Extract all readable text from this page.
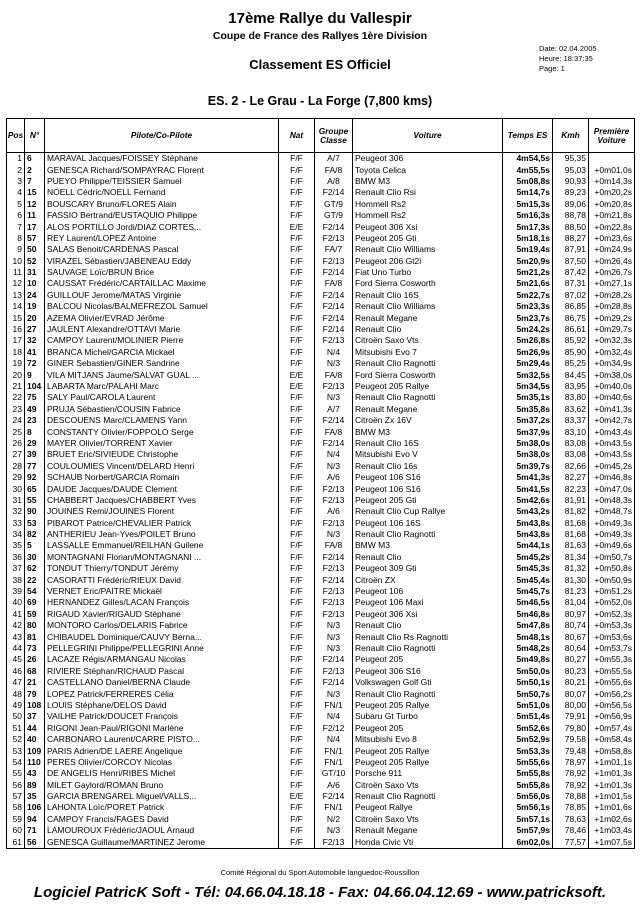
17ème Rallye du Vallespir
Coupe de France des Rallyes 1ère Division
Classement ES Officiel
ES. 2 - Le Grau - La Forge (7,800 kms)
Date: 02.04.2005
Heure: 18:37:35
Page: 1
Pos	N°	Pilote/Co-Pilote	Nat	Groupe Classe	Voiture	Temps ES	Kmh	Première Voiture
1	6	MARAVAL Jacques/FOISSEY Stéphane	F/F	A/7	Peugeot 306	4m54,5s	95,35	
2	2	GENESCA Richard/SOMPAYRAC Florent	F/F	FA/8	Toyota Celica	4m55,5s	95,03	+0m01,0s
3	7	PUEYO Philippe/TEISSIER Samuel	F/F	A/8	BMW M3	5m08,8s	90,93	+0m14,3s
4	15	NOELL Cédric/NOELL Fernand	F/F	F2/14	Renault Clio Rsi	5m14,7s	89,23	+0m20,2s
5	12	BOUSCARY Bruno/FLORES Alain	F/F	GT/9	Hommell Rs2	5m15,3s	89,06	+0m20,8s
6	11	FASSIO Bertrand/EUSTAQUIO Philippe	F/F	GT/9	Hommell Rs2	5m16,3s	88,78	+0m21,8s
7	17	ALOS PORTILLO Jordi/DIAZ CORTES...	E/E	F2/14	Peugeot 306 Xsi	5m17,3s	88,50	+0m22,8s
8	57	REY Laurent/LOPEZ Antoine	F/F	F2/13	Peugeot 205 Gti	5m18,1s	88,27	+0m23,6s
9	50	SALAS Benoit/CARDENAS Pascal	F/F	FA/7	Renault Clio Williams	5m19,4s	87,91	+0m24,9s
10	52	VIRAZEL Sébastien/JABENEAU Eddy	F/F	F2/13	Peugeot 206 Gt2i	5m20,9s	87,50	+0m26,4s
11	31	SAUVAGE Loïc/BRUN Brice	F/F	F2/14	Fiat Uno Turbo	5m21,2s	87,42	+0m26,7s
12	10	CAUSSAT Frédéric/CARTAILLAC Maxime	F/F	FA/8	Ford Sierra Cosworth	5m21,6s	87,31	+0m27,1s
13	24	GUILLOUF Jerome/MATAS Virginie	F/F	F2/14	Renault Clio 16S	5m22,7s	87,02	+0m28,2s
14	19	BALCOU Nicolas/BALMEFREZOL Samuel	F/F	F2/14	Renault Clio Williams	5m23,3s	86,85	+0m28,8s
15	20	AZEMA Olivier/EVRAD Jérôme	F/F	F2/14	Renault Megane	5m23,7s	86,75	+0m29,2s
16	27	JAULENT Alexandre/OTTAVI Marie	F/F	F2/14	Renault Clio	5m24,2s	86,61	+0m29,7s
17	32	CAMPOY Laurent/MOLINIER Pierre	F/F	F2/13	Citroën Saxo Vts	5m26,8s	85,92	+0m32,3s
18	41	BRANCA Michel/GARCIA Mickael	F/F	N/4	Mitsubishi Evo 7	5m26,9s	85,90	+0m32,4s
19	72	GINER Sebastien/GINER Sandrine	F/F	N/3	Renault Clio Ragnotti	5m29,4s	85,25	+0m34,9s
20	9	VILA MITJANS Jaume/SALVAT GUAL ...	E/E	FA/8	Ford Sierra Cosworth	5m32,5s	84,45	+0m38,0s
21	104	LABARTA Marc/PALAHI Marc	E/E	F2/13	Peugeot 205 Rallye	5m34,5s	83,95	+0m40,0s
22	75	SALY Paul/CAROLA Laurent	F/F	N/3	Renault Clio Ragnotti	5m35,1s	83,80	+0m40,6s
23	49	PRUJA Sébastien/COUSIN Fabrice	F/F	A/7	Renault Megane	5m35,8s	83,62	+0m41,3s
24	23	DESCOUENS Marc/CLAMENS Yann	F/F	F2/14	Citroën Zx 16V	5m37,2s	83,37	+0m42,7s
25	8	CONSTANTY Olivier/FOPPOLO Serge	F/F	FA/8	BMW M3	5m37,9s	83,10	+0m43,4s
26	29	MAYER Olivier/TORRENT Xavier	F/F	F2/14	Renault Clio 16S	5m38,0s	83,08	+0m43,5s
27	39	BRUET Eric/SIVIEUDE Christophe	F/F	N/4	Mitsubishi Evo V	5m38,0s	83,08	+0m43,5s
28	77	COULOUMIES Vincent/DELARD Henri	F/F	N/3	Renault Clio 16s	5m39,7s	82,66	+0m45,2s
29	92	SCHAUB Norbert/GARCIA Romain	F/F	A/6	Peugeot 106 S16	5m41,3s	82,27	+0m46,8s
30	65	DAUDE Jacques/DAUDE Clement	F/F	F2/13	Peugeot 106 S16	5m41,5s	82,23	+0m47,0s
31	55	CHABBERT Jacques/CHABBERT Yves	F/F	F2/13	Peugeot 205 Gti	5m42,6s	81,91	+0m48,3s
32	90	JOUINES Remi/JOUINES Florent	F/F	A/6	Renault Clio Cup Rallye	5m43,2s	81,82	+0m48,7s
33	53	PIBAROT Patrice/CHEVALIER Patrick	F/F	F2/13	Peugeot 106 16S	5m43,8s	81,68	+0m49,3s
34	82	ANTHERIEU Jean-Yves/POILET Bruno	F/F	N/3	Renault Clio Ragnotti	5m43,8s	81,68	+0m49,3s
35	5	LASSALLE Emmanuel/REILHAN Guilene	F/F	FA/8	BMW M3	5m44,1s	81,63	+0m49,6s
36	30	MONTAGNANI Florian/MONTAGNANI ...	F/F	F2/14	Renault Clio	5m45,2s	81,34	+0m50,7s
37	62	TONDUT Thierry/TONDUT Jérémy	F/F	F2/13	Peugeot 309 Gti	5m45,3s	81,32	+0m50,8s
38	22	CASORATTI Frédéric/RIEUX David	F/F	F2/14	Citroën ZX	5m45,4s	81,30	+0m50,9s
39	54	VERNET Eric/PAITRE Mickaël	F/F	F2/13	Peugeot 106	5m45,7s	81,23	+0m51,2s
40	69	HERNANDEZ Gilles/LACAN François	F/F	F2/13	Peugeot 106 Maxi	5m46,5s	81,04	+0m52,0s
41	59	RIGAUD Xavier/RIGAUD Stéphane	F/F	F2/13	Peugeot 306 Xsi	5m46,8s	80,97	+0m52,3s
42	80	MONTORO Carlos/DELARIS Fabrice	F/F	N/3	Renault Clio	5m47,8s	80,74	+0m53,3s
43	81	CHIBAUDEL Dominique/CAUVY Berna...	F/F	N/3	Renault Clio Rs Ragnotti	5m48,1s	80,67	+0m53,6s
44	73	PELLEGRINI Philippe/PELLEGRINI Anne	F/F	N/3	Renault Clio Ragnotti	5m48,2s	80,64	+0m53,7s
45	26	LACAZE Régis/ARMANGAU Nicolas	F/F	F2/14	Peugeot 205	5m49,8s	80,27	+0m55,3s
46	68	RIVIERE Stéphan/RICHAUD Pascal	F/F	F2/13	Peugeot 306 S16	5m50,0s	80,23	+0m55,5s
47	21	CASTELLANO Daniel/BERNA Claude	F/F	F2/14	Volkswagen Golf Gti	5m50,1s	80,21	+0m55,6s
48	79	LOPEZ Patrick/FERRERES Célia	F/F	N/3	Renault Clio Ragnotti	5m50,7s	80,07	+0m56,2s
49	108	LOUIS Stéphane/DELOS David	F/F	FN/1	Peugeot 205 Rallye	5m51,0s	80,00	+0m56,5s
50	37	VAILHE Patrick/DOUCET François	F/F	N/4	Subaru Gt Turbo	5m51,4s	79,91	+0m56,9s
51	44	RIGONI Jean-Paul/RIGONI Marlène	F/F	F2/12	Peugeot 205	5m52,6s	79,80	+0m57,4s
52	40	CARBONARO Laurent/CARRE PISTO...	F/F	N/4	Mitsubishi Evo 8	5m52,9s	79,58	+0m58,4s
53	109	PARIS Adrien/DE LAERE Angelique	F/F	FN/1	Peugeot 205 Rallye	5m53,3s	79,48	+0m58,8s
54	110	PERES Olivier/CORCOY Nicolas	F/F	FN/1	Peugeot 205 Rallye	5m55,6s	78,97	+1m01,1s
55	43	DE ANGELIS Henri/RIBES Michel	F/F	GT/10	Porsche 911	5m55,8s	78,92	+1m01,3s
56	89	MILET Gaylord/ROMAN Bruno	F/F	A/6	Citroën Saxo Vts	5m55,8s	78,92	+1m01,3s
57	35	GARCIA BRENGAREL Miguel/VALLS...	E/E	F2/14	Renault Clio Ragnotti	5m56,0s	78,88	+1m01,5s
58	106	LAHONTA Loïc/PORET Patrick	F/F	FN/1	Peugeot Rallye	5m56,1s	78,85	+1m01,6s
59	94	CAMPOY Francis/FAGES David	F/F	N/2	Citroën Saxo Vts	5m57,1s	78,63	+1m02,6s
60	71	LAMOUROUX Frédéric/JAOUL Arnaud	F/F	N/3	Renault Megane	5m57,9s	78,46	+1m03,4s
61	56	GENESCA Guillaume/MARTINEZ Jerome	F/F	F2/13	Honda Civic Vti	6m02,0s	77,57	+1m07,5s
Comité Régional du Sport Automobile languedoc-Roussillon
Logiciel PatricK Soft - Tél: 04.66.04.18.18 - Fax: 04.66.04.12.69 - www.patricksoft.
